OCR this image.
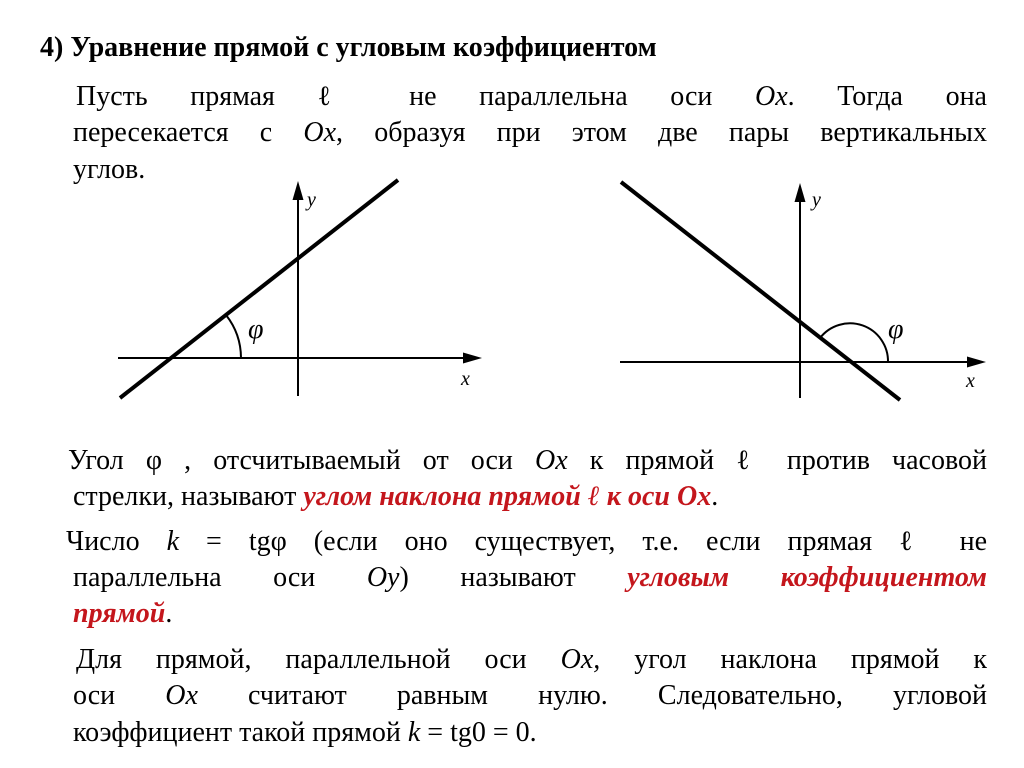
y
x
φ
y
x
φ
4) Уравнение прямой с угловым коэффициентом
Пусть прямая ℓ не параллельна оси Ox. Тогда она
пересекается с Ox, образуя при этом две пары вертикальных
углов.
Угол φ , отсчитываемый от оси Ox к прямой ℓ против часовой
стрелки, называют углом наклона прямой ℓ к оси Ox.
Число k = tgφ (если оно существует, т.е. если прямая ℓ не
параллельна оси Oy) называют угловым коэффициентом
прямой.
Для прямой, параллельной оси Ox, угол наклона прямой к
оси Ox считают равным нулю. Следовательно, угловой
коэффициент такой прямой k = tg0 = 0.
